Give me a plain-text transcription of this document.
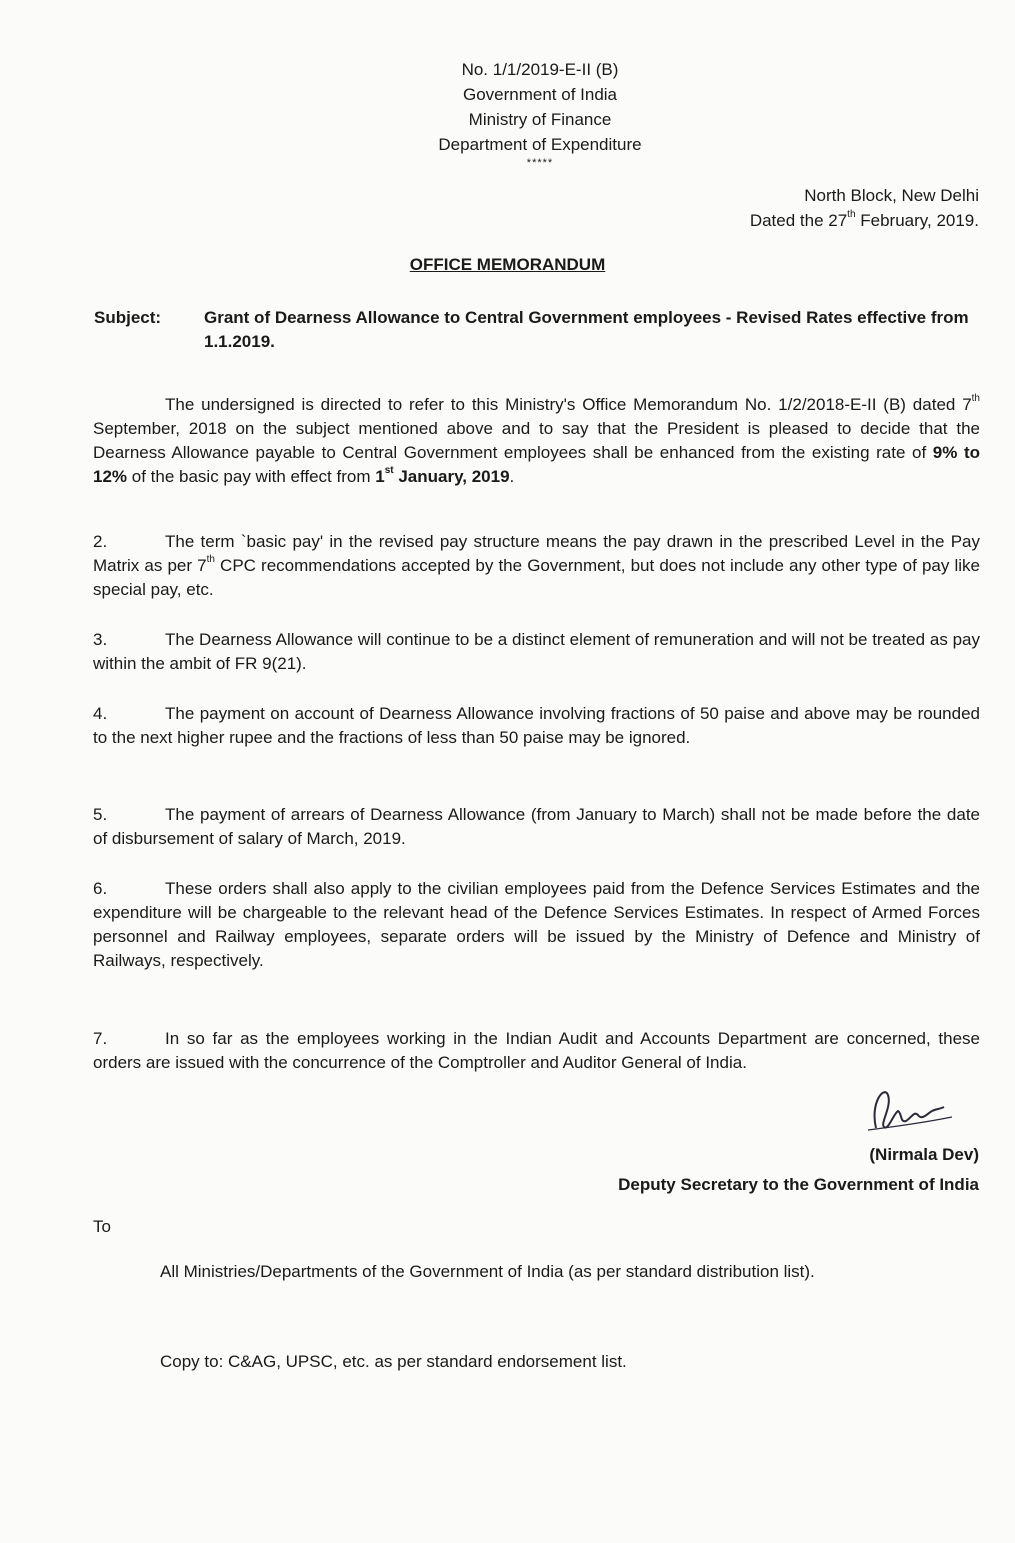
No. 1/1/2019-E-II (B)
Government of India
Ministry of Finance
Department of Expenditure
*****
North Block, New Delhi
Dated the 27th February, 2019.
OFFICE MEMORANDUM
Subject:	Grant of Dearness Allowance to Central Government employees - Revised Rates effective from 1.1.2019.
The undersigned is directed to refer to this Ministry's Office Memorandum No. 1/2/2018-E-II (B) dated 7th September, 2018 on the subject mentioned above and to say that the President is pleased to decide that the Dearness Allowance payable to Central Government employees shall be enhanced from the existing rate of 9% to 12% of the basic pay with effect from 1st January, 2019.
2.	The term `basic pay' in the revised pay structure means the pay drawn in the prescribed Level in the Pay Matrix as per 7th CPC recommendations accepted by the Government, but does not include any other type of pay like special pay, etc.
3.	The Dearness Allowance will continue to be a distinct element of remuneration and will not be treated as pay within the ambit of FR 9(21).
4.	The payment on account of Dearness Allowance involving fractions of 50 paise and above may be rounded to the next higher rupee and the fractions of less than 50 paise may be ignored.
5.	The payment of arrears of Dearness Allowance (from January to March) shall not be made before the date of disbursement of salary of March, 2019.
6.	These orders shall also apply to the civilian employees paid from the Defence Services Estimates and the expenditure will be chargeable to the relevant head of the Defence Services Estimates. In respect of Armed Forces personnel and Railway employees, separate orders will be issued by the Ministry of Defence and Ministry of Railways, respectively.
7.	In so far as the employees working in the Indian Audit and Accounts Department are concerned, these orders are issued with the concurrence of the Comptroller and Auditor General of India.
(Nirmala Dev)
Deputy Secretary to the Government of India
To
All Ministries/Departments of the Government of India (as per standard distribution list).
Copy to: C&AG, UPSC, etc. as per standard endorsement list.
